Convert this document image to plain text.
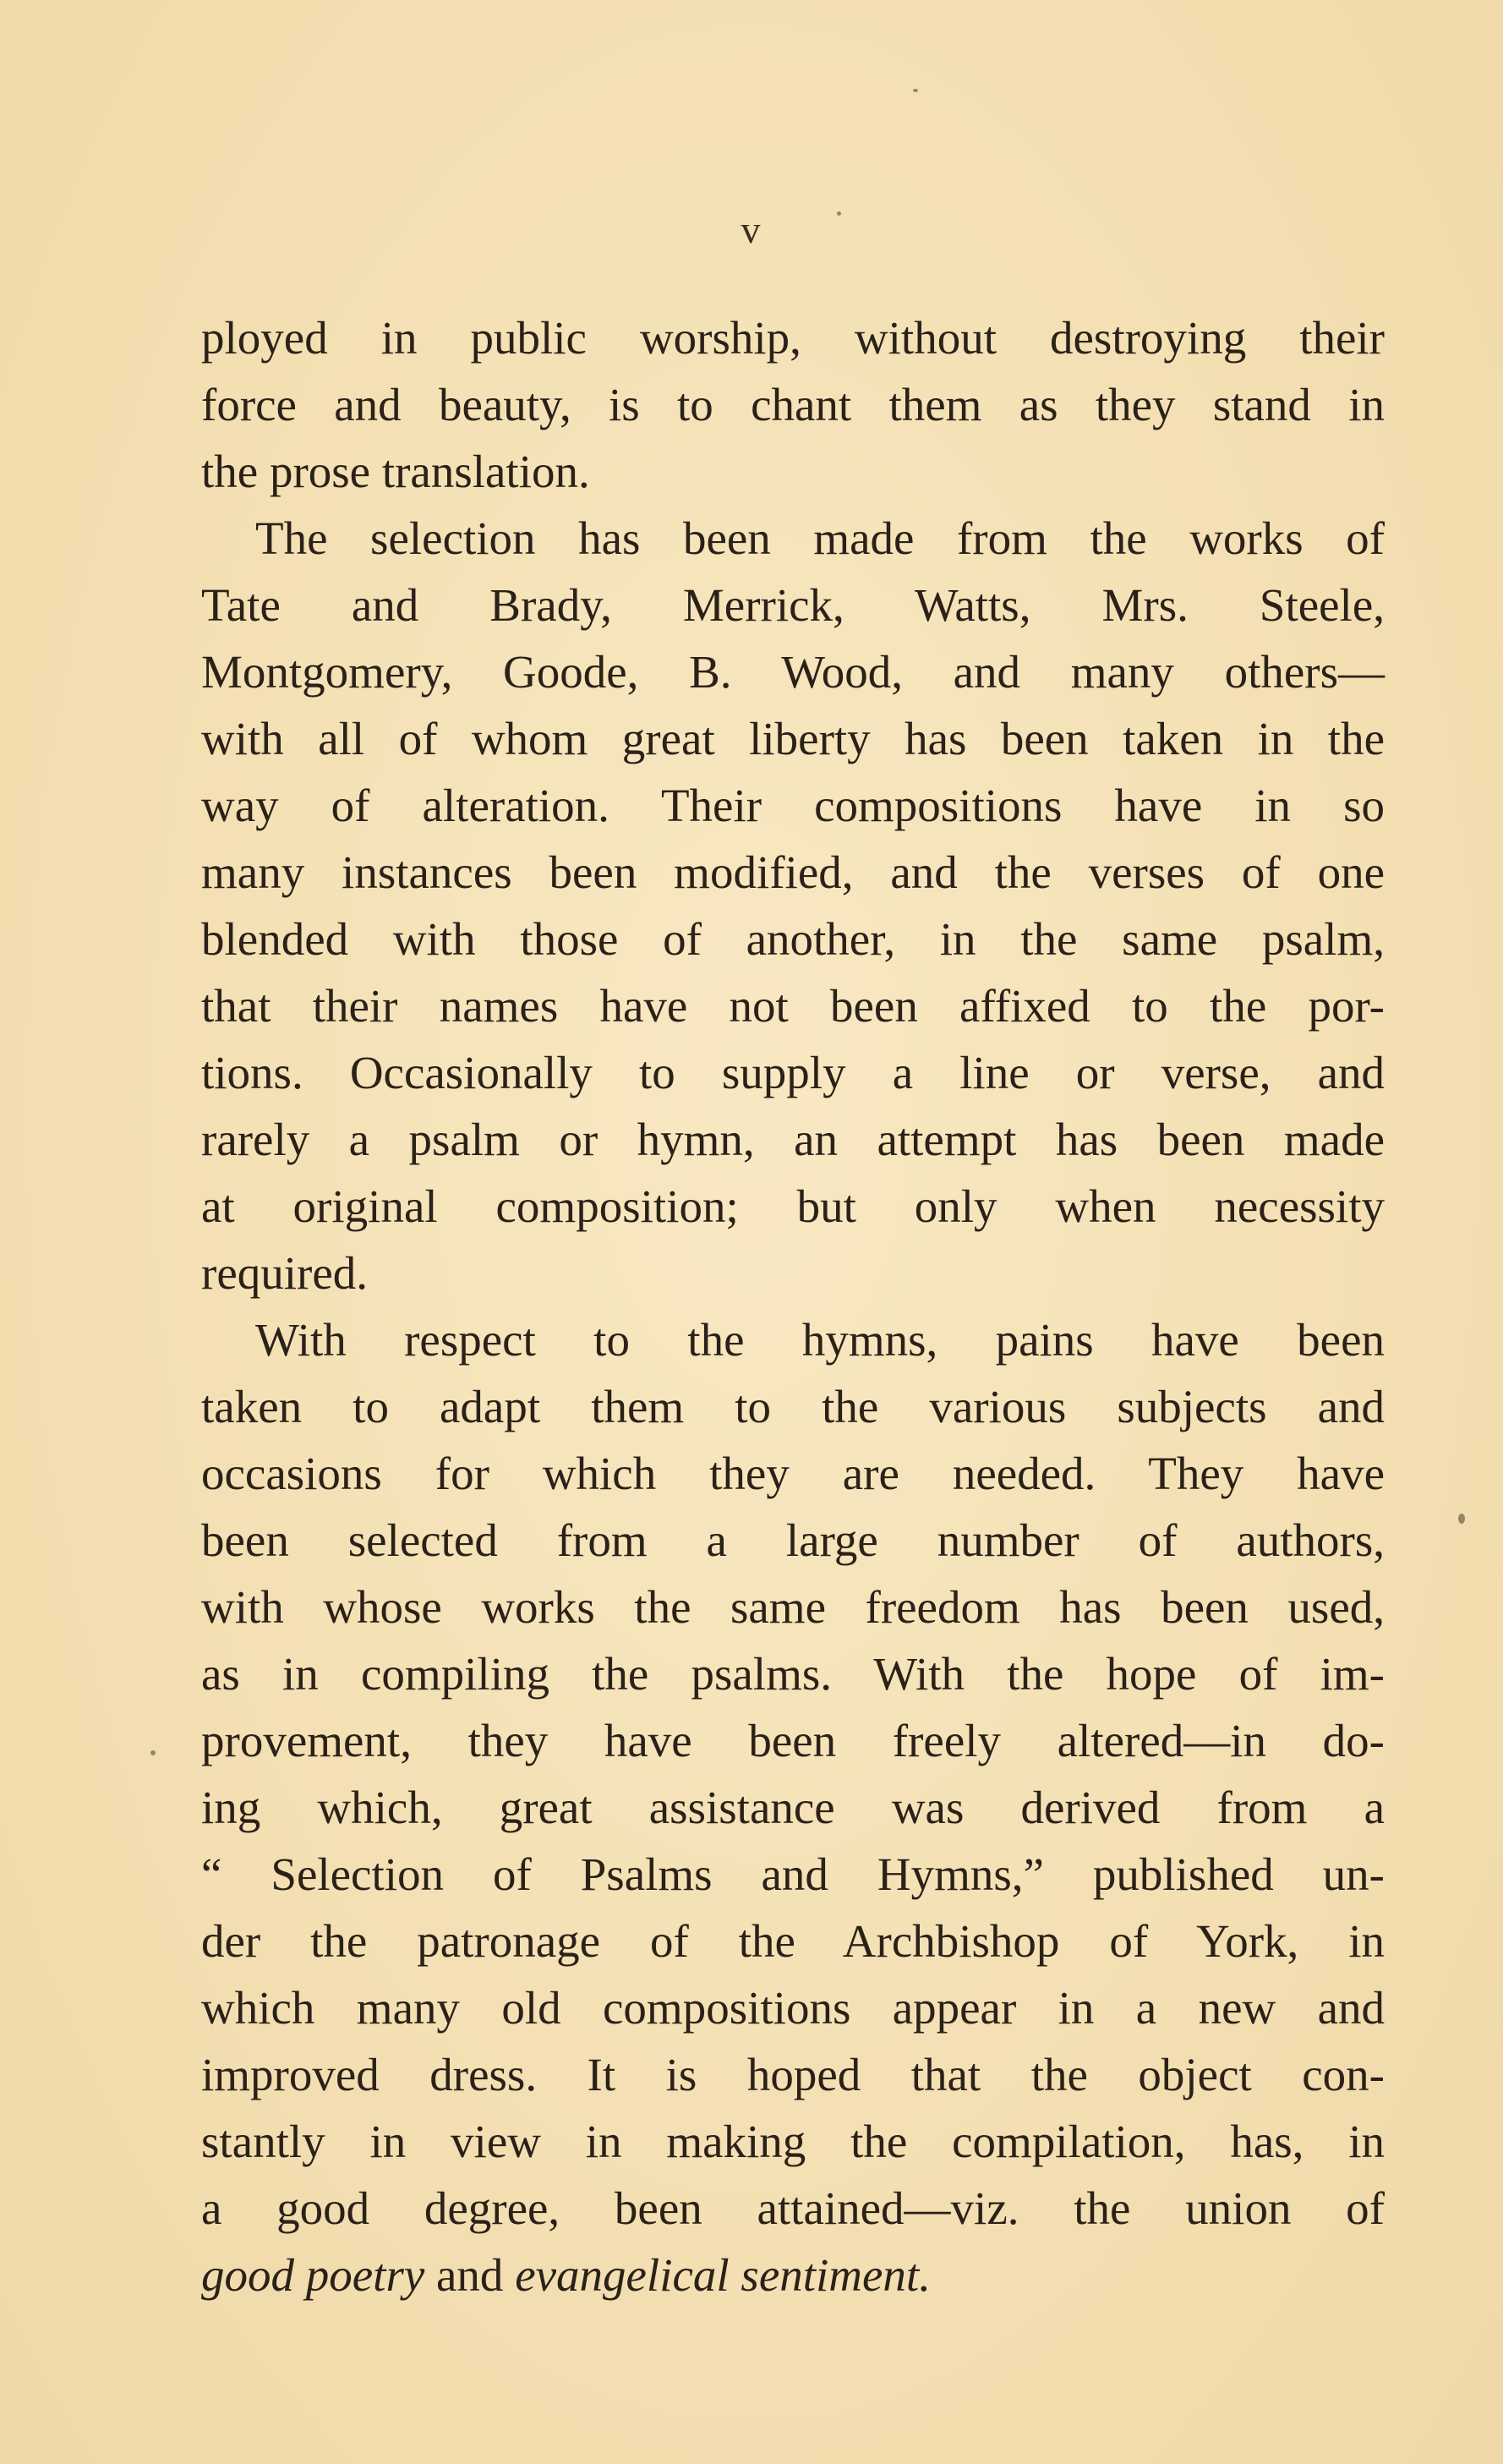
v
ployed in public worship, without destroying their
force and beauty, is to chant them as they stand in
the prose translation.
The selection has been made from the works of
Tate and Brady, Merrick, Watts, Mrs. Steele,
Montgomery, Goode, B. Wood, and many others—
with all of whom great liberty has been taken in the
way of alteration. Their compositions have in so
many instances been modified, and the verses of one
blended with those of another, in the same psalm,
that their names have not been affixed to the por-
tions. Occasionally to supply a line or verse, and
rarely a psalm or hymn, an attempt has been made
at original composition; but only when necessity
required.
With respect to the hymns, pains have been
taken to adapt them to the various subjects and
occasions for which they are needed. They have
been selected from a large number of authors,
with whose works the same freedom has been used,
as in compiling the psalms. With the hope of im-
provement, they have been freely altered—in do-
ing which, great assistance was derived from a
“ Selection of Psalms and Hymns,” published un-
der the patronage of the Archbishop of York, in
which many old compositions appear in a new and
improved dress. It is hoped that the object con-
stantly in view in making the compilation, has, in
a good degree, been attained—viz. the union of
good poetry and evangelical sentiment.
